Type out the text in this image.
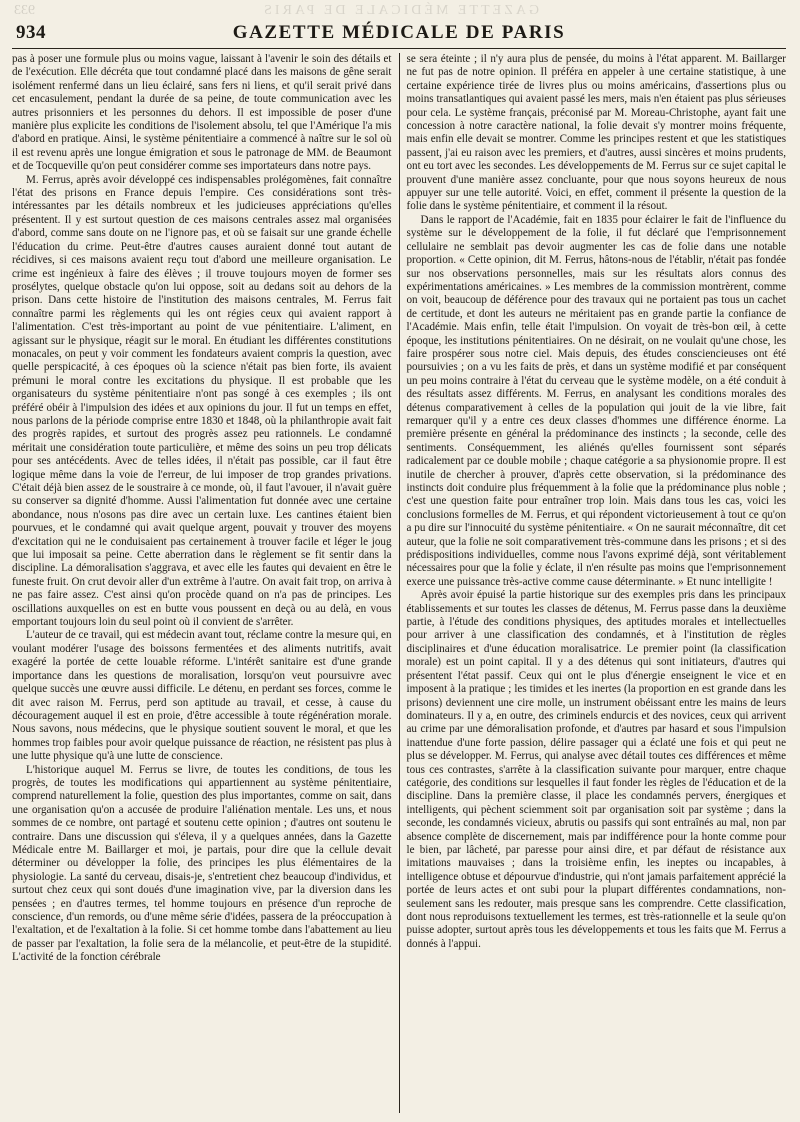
933	GAZETTE MÉDICALE DE PARIS
934	GAZETTE MÉDICALE DE PARIS

pas à poser une formule plus ou moins vague, laissant à l'avenir le soin des détails et de l'exécution. Elle décréta que tout condamné placé dans les maisons de gêne serait isolément renfermé dans un lieu éclairé, sans fers ni liens, et qu'il serait privé dans cet encasulement, pendant la durée de sa peine, de toute communication avec les autres prisonniers et les personnes du dehors. Il est impossible de poser d'une manière plus explicite les conditions de l'isolement absolu, tel que l'Amérique l'a mis d'abord en pratique. Ainsi, le système pénitentiaire a commencé à naître sur le sol où il est revenu après une longue émigration et sous le patronage de MM. de Beaumont et de Tocqueville qu'on peut considérer comme ses importateurs dans notre pays.

M. Ferrus, après avoir développé ces indispensables prolégomènes, fait connaître l'état des prisons en France depuis l'empire. Ces considérations sont très-intéressantes par les détails nombreux et les judicieuses appréciations qu'elles présentent. Il y est surtout question de ces maisons centrales assez mal organisées d'abord, comme sans doute on ne l'ignore pas, et où se faisait sur une grande échelle l'éducation du crime. Peut-être d'autres causes auraient donné tout autant de récidives, si ces maisons avaient reçu tout d'abord une meilleure organisation. Le crime est ingénieux à faire des élèves ; il trouve toujours moyen de former ses prosélytes, quelque obstacle qu'on lui oppose, soit au dedans soit au dehors de la prison. Dans cette histoire de l'institution des maisons centrales, M. Ferrus fait connaître parmi les règlements qui les ont régies ceux qui avaient rapport à l'alimentation. C'est très-important au point de vue pénitentiaire. L'aliment, en agissant sur le physique, réagit sur le moral. En étudiant les différentes constitutions monacales, on peut y voir comment les fondateurs avaient compris la question, avec quelle perspicacité, à ces époques où la science n'était pas bien forte, ils avaient prémuni le moral contre les excitations du physique. Il est probable que les organisateurs du système pénitentiaire n'ont pas songé à ces exemples ; ils ont préféré obéir à l'impulsion des idées et aux opinions du jour. Il fut un temps en effet, nous parlons de la période comprise entre 1830 et 1848, où la philanthropie avait fait des progrès rapides, et surtout des progrès assez peu rationnels. Le condamné méritait une considération toute particulière, et même des soins un peu trop délicats pour ses antécédents. Avec de telles idées, il n'était pas possible, car il faut être logique même dans la voie de l'erreur, de lui imposer de trop grandes privations. C'était déjà bien assez de le soustraire à ce monde, où, il faut l'avouer, il n'avait guère su conserver sa dignité d'homme. Aussi l'alimentation fut donnée avec une certaine abondance, nous n'osons pas dire avec un certain luxe. Les cantines étaient bien pourvues, et le condamné qui avait quelque argent, pouvait y trouver des moyens d'excitation qui ne le conduisaient pas certainement à trouver facile et léger le joug que lui imposait sa peine. Cette aberration dans le règlement se fit sentir dans la discipline. La démoralisation s'aggrava, et avec elle les fautes qui devaient en être le funeste fruit. On crut devoir aller d'un extrême à l'autre. On avait fait trop, on arriva à ne pas faire assez. C'est ainsi qu'on procède quand on n'a pas de principes. Les oscillations auxquelles on est en butte vous poussent en deçà ou au delà, en vous emportant toujours loin du seul point où il convient de s'arrêter.

L'auteur de ce travail, qui est médecin avant tout, réclame contre la mesure qui, en voulant modérer l'usage des boissons fermentées et des aliments nutritifs, avait exagéré la portée de cette louable réforme. L'intérêt sanitaire est d'une grande importance dans les questions de moralisation, lorsqu'on veut poursuivre avec quelque succès une œuvre aussi difficile. Le détenu, en perdant ses forces, comme le dit avec raison M. Ferrus, perd son aptitude au travail, et cesse, à cause du découragement auquel il est en proie, d'être accessible à toute régénération morale. Nous savons, nous médecins, que le physique soutient souvent le moral, et que les hommes trop faibles pour avoir quelque puissance de réaction, ne résistent pas plus à une lutte physique qu'à une lutte de conscience.

L'historique auquel M. Ferrus se livre, de toutes les conditions, de tous les progrès, de toutes les modifications qui appartiennent au système pénitentiaire, comprend naturellement la folie, question des plus importantes, comme on sait, dans une organisation qu'on a accusée de produire l'aliénation mentale. Les uns, et nous sommes de ce nombre, ont partagé et soutenu cette opinion ; d'autres ont soutenu le contraire. Dans une discussion qui s'éleva, il y a quelques années, dans la Gazette Médicale entre M. Baillarger et moi, je partais, pour dire que la cellule devait déterminer ou développer la folie, des principes les plus élémentaires de la physiologie. La santé du cerveau, disais-je, s'entretient chez beaucoup d'individus, et surtout chez ceux qui sont doués d'une imagination vive, par la diversion dans les pensées ; en d'autres termes, tel homme toujours en présence d'un reproche de conscience, d'un remords, ou d'une même série d'idées, passera de la préoccupation à l'exaltation, et de l'exaltation à la folie. Si cet homme tombe dans l'abattement au lieu de passer par l'exaltation, la folie sera de la mélancolie, et peut-être de la stupidité. L'activité de la fonction cérébrale

se sera éteinte ; il n'y aura plus de pensée, du moins à l'état apparent. M. Baillarger ne fut pas de notre opinion. Il préféra en appeler à une certaine statistique, à une certaine expérience tirée de livres plus ou moins américains, d'assertions plus ou moins transatlantiques qui avaient passé les mers, mais n'en étaient pas plus sérieuses pour cela. Le système français, préconisé par M. Moreau-Christophe, ayant fait une concession à notre caractère national, la folie devait s'y montrer moins fréquente, mais enfin elle devait se montrer. Comme les principes restent et que les statistiques passent, j'ai eu raison avec les premiers, et d'autres, aussi sincères et moins prudents, ont eu tort avec les secondes. Les développements de M. Ferrus sur ce sujet capital le prouvent d'une manière assez concluante, pour que nous soyons heureux de nous appuyer sur une telle autorité. Voici, en effet, comment il présente la question de la folie dans le système pénitentiaire, et comment il la résout.

Dans le rapport de l'Académie, fait en 1835 pour éclairer le fait de l'influence du système sur le développement de la folie, il fut déclaré que l'emprisonnement cellulaire ne semblait pas devoir augmenter les cas de folie dans une notable proportion. « Cette opinion, dit M. Ferrus, hâtons-nous de l'établir, n'était pas fondée sur nos observations personnelles, mais sur les résultats alors connus des expérimentations américaines. » Les membres de la commission montrèrent, comme on voit, beaucoup de déférence pour des travaux qui ne portaient pas tous un cachet de certitude, et dont les auteurs ne méritaient pas en grande partie la confiance de l'Académie. Mais enfin, telle était l'impulsion. On voyait de très-bon œil, à cette époque, les institutions pénitentiaires. On ne désirait, on ne voulait qu'une chose, les faire prospérer sous notre ciel. Mais depuis, des études consciencieuses ont été poursuivies ; on a vu les faits de près, et dans un système modifié et par conséquent un peu moins contraire à l'état du cerveau que le système modèle, on a été conduit à des résultats assez différents. M. Ferrus, en analysant les conditions morales des détenus comparativement à celles de la population qui jouit de la vie libre, fait remarquer qu'il y a entre ces deux classes d'hommes une différence énorme. La première présente en général la prédominance des instincts ; la seconde, celle des sentiments. Conséquemment, les aliénés qu'elles fournissent sont séparés radicalement par ce double mobile ; chaque catégorie a sa physionomie propre. Il est inutile de chercher à prouver, d'après cette observation, si la prédominance des instincts doit conduire plus fréquemment à la folie que la prédominance plus noble ; c'est une question faite pour entraîner trop loin. Mais dans tous les cas, voici les conclusions formelles de M. Ferrus, et qui répondent victorieusement à tout ce qu'on a pu dire sur l'innocuité du système pénitentiaire. « On ne saurait méconnaître, dit cet auteur, que la folie ne soit comparativement très-commune dans les prisons ; et si des prédispositions individuelles, comme nous l'avons exprimé déjà, sont véritablement nécessaires pour que la folie y éclate, il n'en résulte pas moins que l'emprisonnement exerce une puissance très-active comme cause déterminante. » Et nunc intelligite !

Après avoir épuisé la partie historique sur des exemples pris dans les principaux établissements et sur toutes les classes de détenus, M. Ferrus passe dans la deuxième partie, à l'étude des conditions physiques, des aptitudes morales et intellectuelles pour arriver à une classification des condamnés, et à l'institution de règles disciplinaires et d'une éducation moralisatrice. Le premier point (la classification morale) est un point capital. Il y a des détenus qui sont initiateurs, d'autres qui présentent l'état passif. Ceux qui ont le plus d'énergie enseignent le vice et en imposent à la pratique ; les timides et les inertes (la proportion en est grande dans les prisons) deviennent une cire molle, un instrument obéissant entre les mains de leurs dominateurs. Il y a, en outre, des criminels endurcis et des novices, ceux qui arrivent au crime par une démoralisation profonde, et d'autres par hasard et sous l'impulsion inattendue d'une forte passion, délire passager qui a éclaté une fois et qui peut ne plus se développer. M. Ferrus, qui analyse avec détail toutes ces différences et même tous ces contrastes, s'arrête à la classification suivante pour marquer, entre chaque catégorie, des conditions sur lesquelles il faut fonder les règles de l'éducation et de la discipline. Dans la première classe, il place les condamnés pervers, énergiques et intelligents, qui pèchent sciemment soit par organisation soit par système ; dans la seconde, les condamnés vicieux, abrutis ou passifs qui sont entraînés au mal, non par absence complète de discernement, mais par indifférence pour la honte comme pour le bien, par lâcheté, par paresse pour ainsi dire, et par défaut de résistance aux imitations mauvaises ; dans la troisième enfin, les ineptes ou incapables, à intelligence obtuse et dépourvue d'industrie, qui n'ont jamais parfaitement apprécié la portée de leurs actes et ont subi pour la plupart différentes condamnations, non-seulement sans les redouter, mais presque sans les comprendre. Cette classification, dont nous reproduisons textuellement les termes, est très-rationnelle et la seule qu'on puisse adopter, surtout après tous les développements et tous les faits que M. Ferrus a donnés à l'appui.
